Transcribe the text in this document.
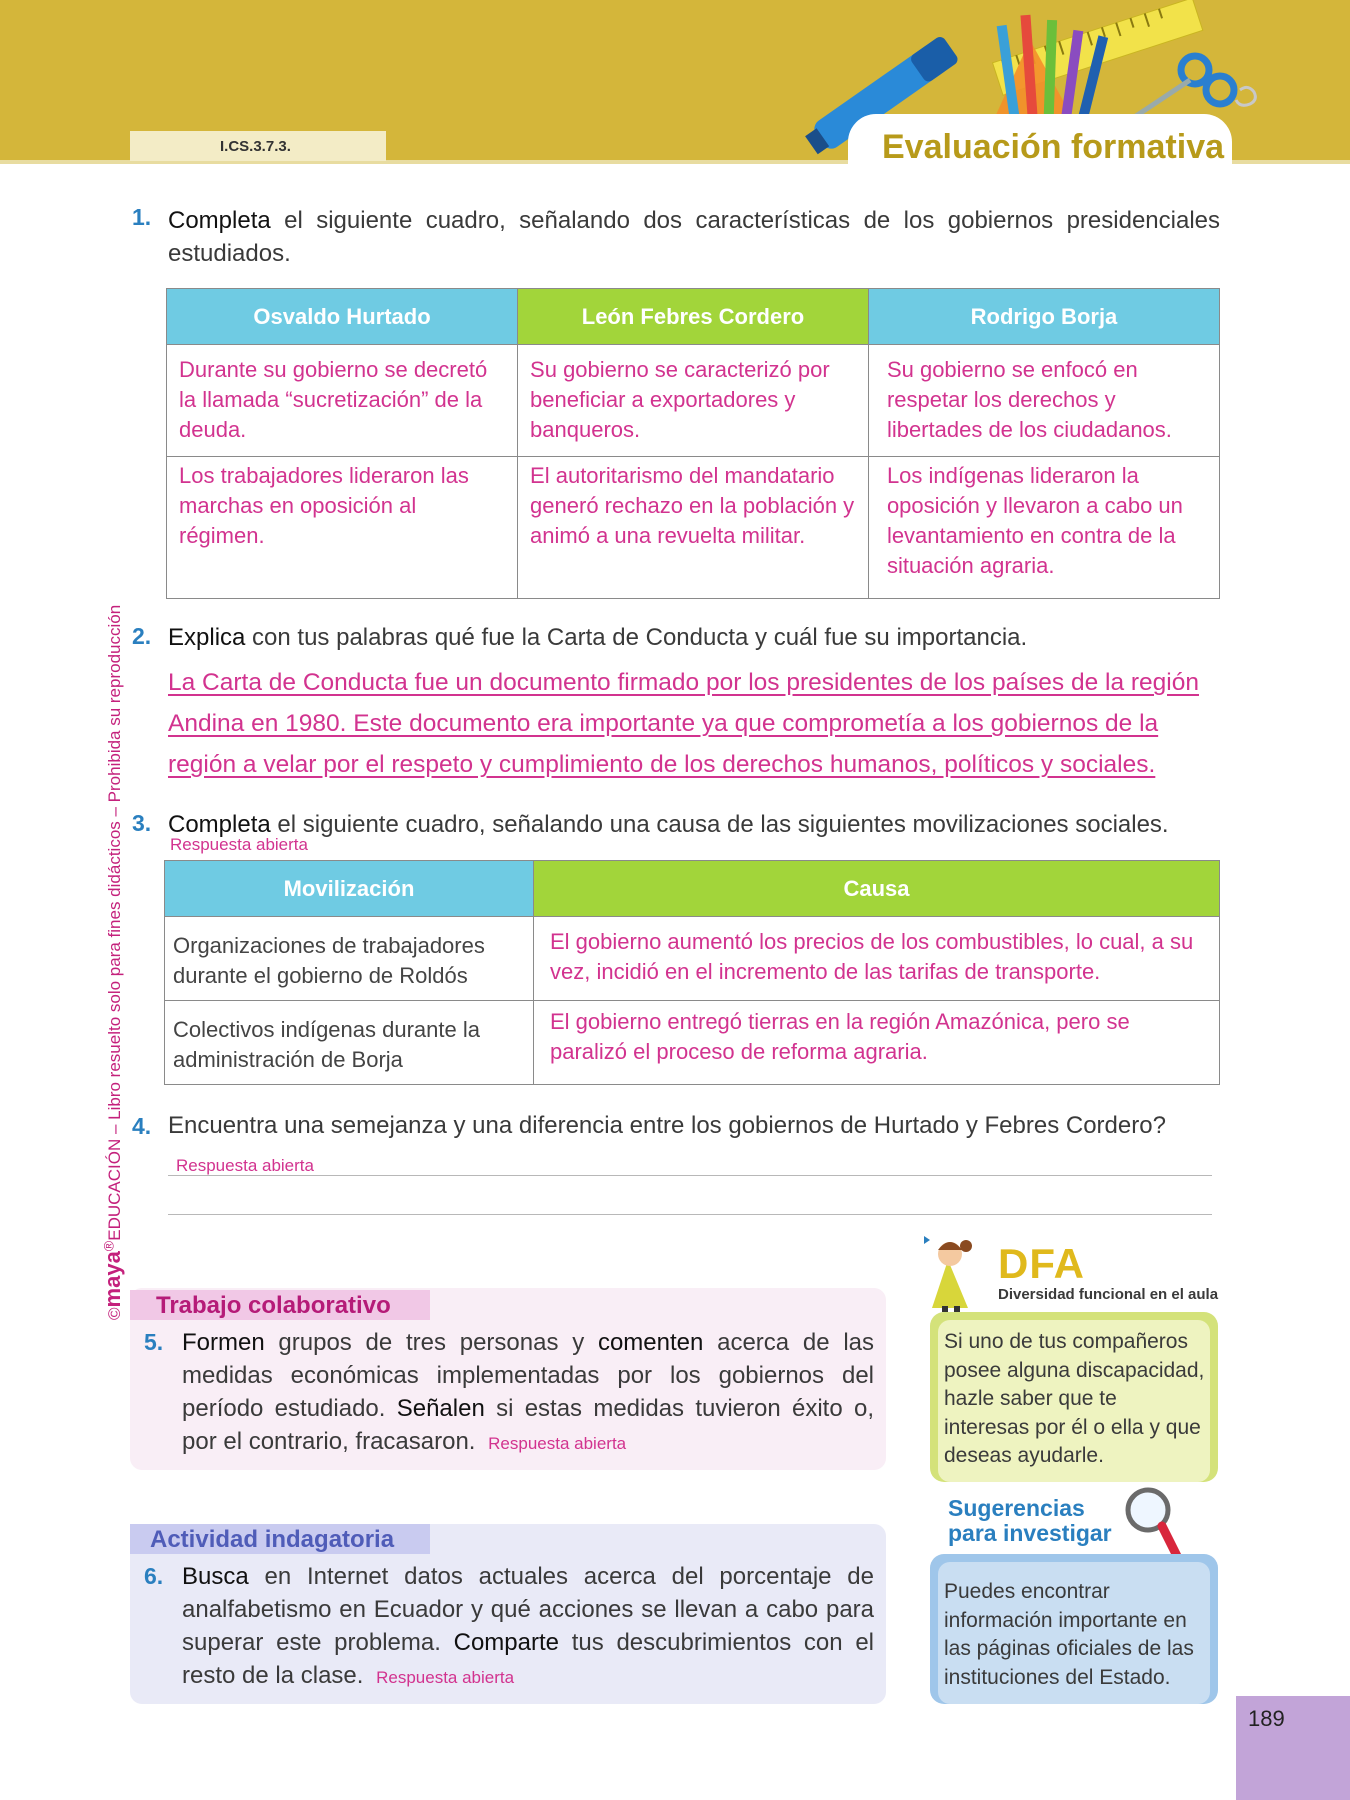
I.CS.3.7.3.	Evaluación formativa
©maya®EDUCACIÓN – Libro resuelto solo para fines didácticos – Prohibida su reproducción
1. Completa el siguiente cuadro, señalando dos características de los gobiernos presidenciales estudiados.
Osvaldo Hurtado	León Febres Cordero	Rodrigo Borja
Durante su gobierno se decretó la llamada “sucretización” de la deuda.	Su gobierno se caracterizó por beneficiar a exportadores y banqueros.	Su gobierno se enfocó en respetar los derechos y libertades de los ciudadanos.
Los trabajadores lideraron las marchas en oposición al régimen.	El autoritarismo del mandatario generó rechazo en la población y animó a una revuelta militar.	Los indígenas lideraron la oposición y llevaron a cabo un levantamiento en contra de la situación agraria.
2. Explica con tus palabras qué fue la Carta de Conducta y cuál fue su importancia.
La Carta de Conducta fue un documento firmado por los presidentes de los países de la región
Andina en 1980. Este documento era importante ya que comprometía a los gobiernos de la
región a velar por el respeto y cumplimiento de los derechos humanos, políticos y sociales.
3. Completa el siguiente cuadro, señalando una causa de las siguientes movilizaciones sociales.
Respuesta abierta
Movilización	Causa
Organizaciones de trabajadores durante el gobierno de Roldós	El gobierno aumentó los precios de los combustibles, lo cual, a su vez, incidió en el incremento de las tarifas de transporte.
Colectivos indígenas durante la administración de Borja	El gobierno entregó tierras en la región Amazónica, pero se paralizó el proceso de reforma agraria.
4. Encuentra una semejanza y una diferencia entre los gobiernos de Hurtado y Febres Cordero?
Respuesta abierta
Trabajo colaborativo
5. Formen grupos de tres personas y comenten acerca de las medidas económicas implementadas por los gobiernos del período estudiado. Señalen si estas medidas tuvieron éxito o, por el contrario, fracasaron. Respuesta abierta
Actividad indagatoria
6. Busca en Internet datos actuales acerca del porcentaje de analfabetismo en Ecuador y qué acciones se llevan a cabo para superar este problema. Comparte tus descubrimientos con el resto de la clase. Respuesta abierta
DFA
Diversidad funcional en el aula
Si uno de tus compañeros posee alguna discapacidad, hazle saber que te interesas por él o ella y que deseas ayudarle.
Sugerencias
para investigar
Puedes encontrar información importante en las páginas oficiales de las instituciones del Estado.
189
